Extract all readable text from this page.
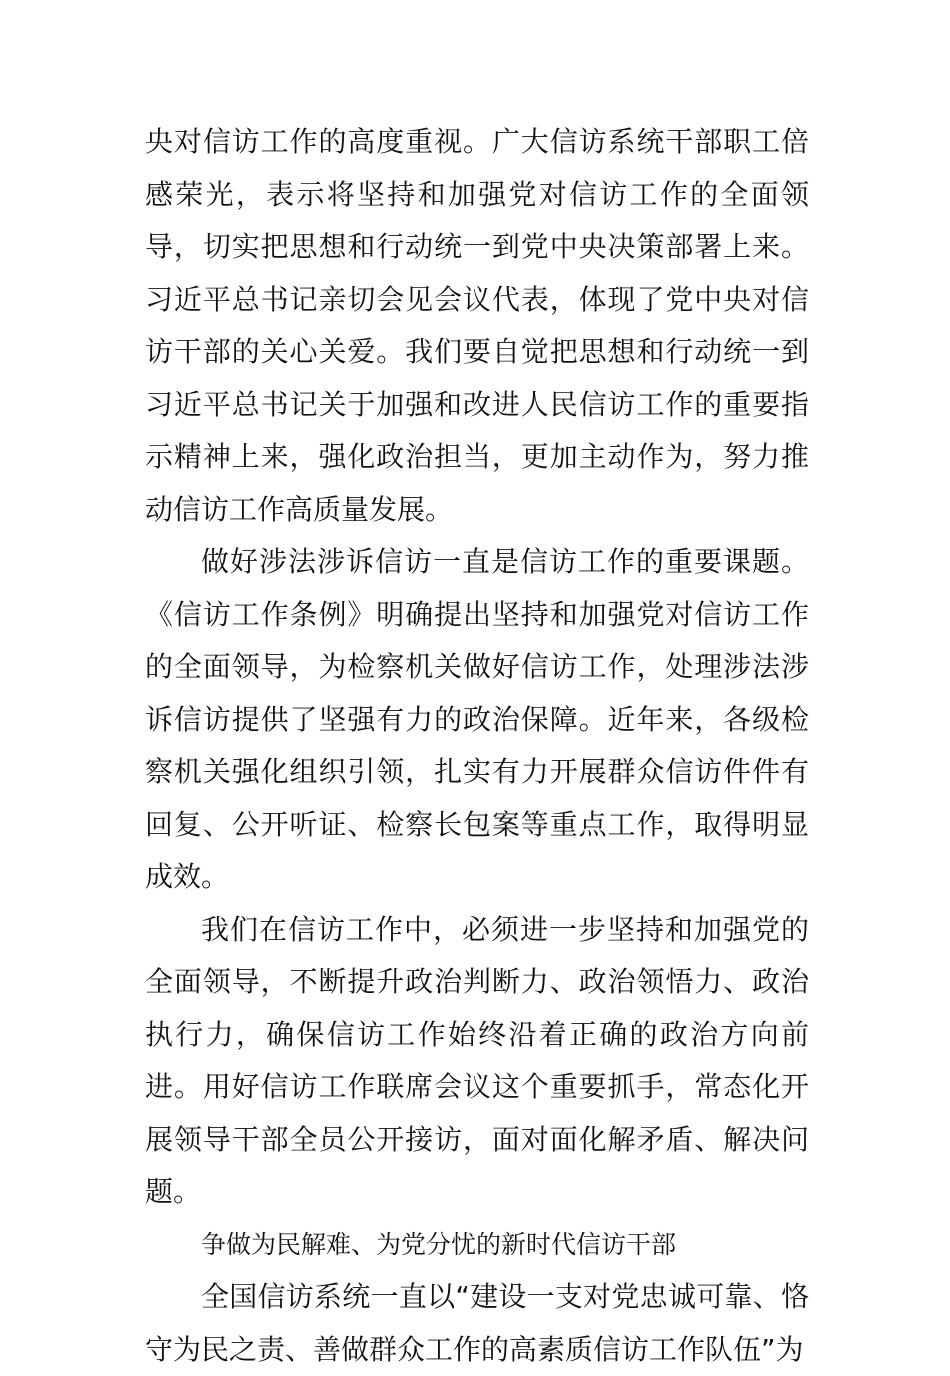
央对信访工作的高度重视。广大信访系统干部职工倍感荣光，表示将坚持和加强党对信访工作的全面领导，切实把思想和行动统一到党中央决策部署上来。习近平总书记亲切会见会议代表，体现了党中央对信访干部的关心关爱。我们要自觉把思想和行动统一到习近平总书记关于加强和改进人民信访工作的重要指示精神上来，强化政治担当，更加主动作为，努力推动信访工作高质量发展。

做好涉法涉诉信访一直是信访工作的重要课题。《信访工作条例》明确提出坚持和加强党对信访工作的全面领导，为检察机关做好信访工作，处理涉法涉诉信访提供了坚强有力的政治保障。近年来，各级检察机关强化组织引领，扎实有力开展群众信访件件有回复、公开听证、检察长包案等重点工作，取得明显成效。

我们在信访工作中，必须进一步坚持和加强党的全面领导，不断提升政治判断力、政治领悟力、政治执行力，确保信访工作始终沿着正确的政治方向前进。用好信访工作联席会议这个重要抓手，常态化开展领导干部全员公开接访，面对面化解矛盾、解决问题。

争做为民解难、为党分忧的新时代信访干部

全国信访系统一直以“建设一支对党忠诚可靠、恪守为民之责、善做群众工作的高素质信访工作队伍”为
